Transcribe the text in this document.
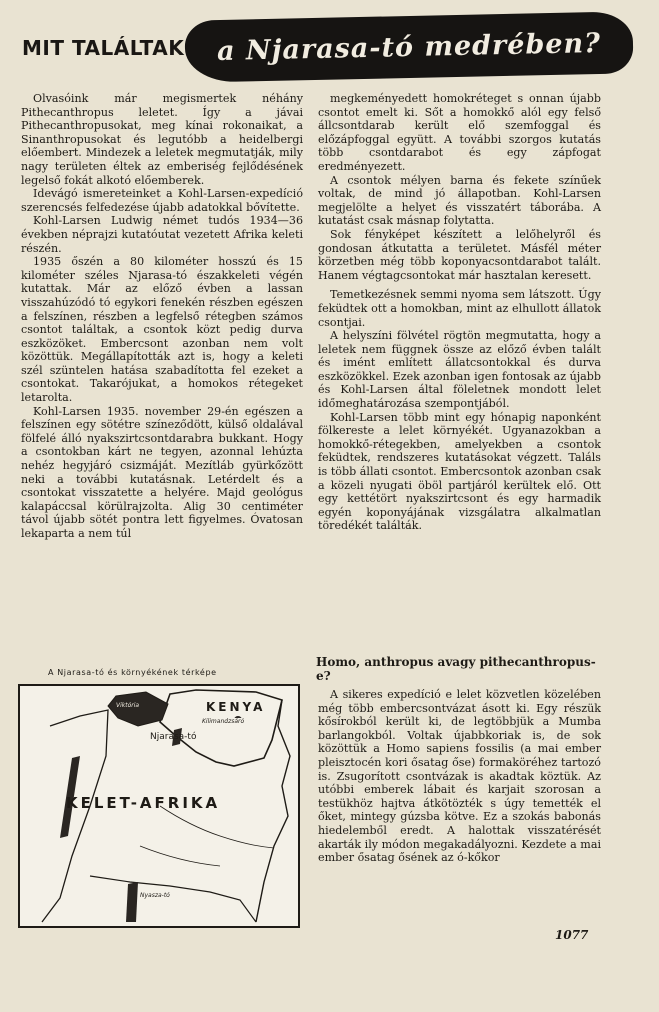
MIT TALÁLTAK a Njarasa-tó medrében?

Olvasóink már megismertek néhány Pithecanthropus leletet. Így a jávai Pithecanthropusokat, meg kínai rokonaikat, a Sinanthropusokat és legutóbb a heidelbergi előembert. Mindezek a leletek megmutatják, mily nagy területen éltek az emberiség fejlődésének legelső fokát alkotó előemberek.

Idevágó ismereteinket a Kohl-Larsen-expedíció szerencsés felfedezése újabb adatokkal bővítette.

Kohl-Larsen Ludwig német tudós 1934—36 években néprajzi kutatóutat vezetett Afrika keleti részén.

1935 őszén a 80 kilométer hosszú és 15 kilométer széles Njarasa-tó északkeleti végén kutattak. Már az előző évben a lassan visszahúzódó tó egykori fenekén részben egészen a felszínen, részben a legfelső rétegben számos csontot találtak, a csontok közt pedig durva eszközöket. Embercsont azonban nem volt közöttük. Megállapították azt is, hogy a keleti szél szüntelen hatása szabadította fel ezeket a csontokat. Takarójukat, a homokos rétegeket letarolta.

Kohl-Larsen 1935. november 29-én egészen a felszínen egy sötétre színeződött, külső oldalával fölfelé álló nyakszirtcsontdarabra bukkant. Hogy a csontokban kárt ne tegyen, azonnal lehúzta nehéz hegyjáró csizmáját. Mezítláb gyürkőzött neki a további kutatásnak. Letérdelt és a csontokat visszatette a helyére. Majd geológus kalapáccsal körülrajzolta. Alig 30 centiméter távol újabb sötét pontra lett figyelmes. Óvatosan lekaparta a nem túl

megkeményedett homokréteget s onnan újabb csontot emelt ki. Sőt a homokkő alól egy felső állcsontdarab került elő szemfoggal és előzápfoggal együtt. A további szorgos kutatás több csontdarabot és egy zápfogat eredményezett.

A csontok mélyen barna és fekete színűek voltak, de mind jó állapotban. Kohl-Larsen megjelölte a helyet és visszatért táborába. A kutatást csak másnap folytatta.

Sok fényképet készített a lelőhelyről és gondosan átkutatta a területet. Másfél méter körzetben még több koponyacsontdarabot talált. Hanem végtagcsontokat már hasztalan keresett.

Temetkezésnek semmi nyoma sem látszott. Úgy feküdtek ott a homokban, mint az elhullott állatok csontjai.

A helyszíni fölvétel rögtön megmutatta, hogy a leletek nem függnek össze az előző évben talált és imént említett állatcsontokkal és durva eszközökkel. Ezek azonban igen fontosak az újabb és Kohl-Larsen által föleletnek mondott lelet időmeghatározása szempontjából.

Kohl-Larsen több mint egy hónapig naponként fölkereste a lelet környékét. Ugyanazokban a homokkő-rétegekben, amelyekben a csontok feküdtek, rendszeres kutatásokat végzett. Találs is több állati csontot. Embercsontok azonban csak a közeli nyugati öböl partjáról kerültek elő. Ott egy kettétört nyakszirtcsont és egy harmadik egyén koponyájának vizsgálatra alkalmatlan töredékét találták.

Homo, anthropus avagy pithecanthropus-e?

A sikeres expedíció e lelet közvetlen közelében még több embercsontvázat ásott ki. Egy részük kősírokból került ki, de legtöbbjük a Mumba barlangokból. Voltak újabbkoriak is, de sok közöttük a Homo sapiens fossilis (a mai ember pleisztocén kori ősatag őse) formaköréhez tartozó is. Zsugorított csontvázak is akadtak köztük. Az utóbbi emberek lábait és karjait szorosan a testükhöz hajtva átkötözték s úgy temették el őket, mintegy gúzsba kötve. Ez a szokás babonás hiedelemből eredt. A halottak visszatérését akarták ily módon megakadályozni. Kezdete a mai ember ősatag ősének az ó-kőkor

A Njarasa-tó és környékének térképe
KENYA
Viktória
Kilimandzsáró
Njarasa-tó
KELET-AFRIKA
Nyasza-tó
1077
